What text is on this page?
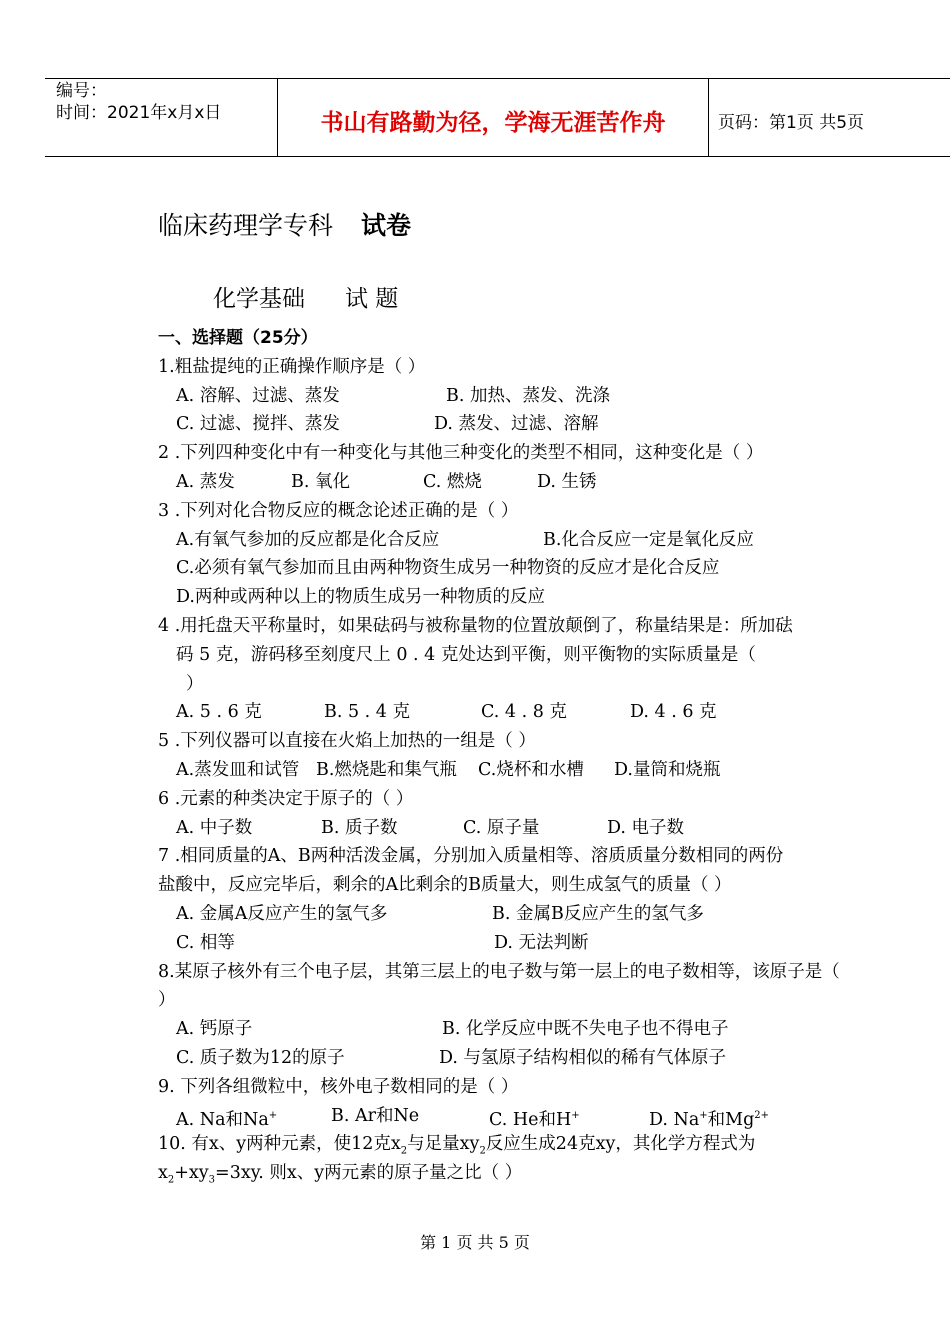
编号：
时间：2021年x月x日	书山有路勤为径，学海无涯苦作舟	页码：第1页 共5页
临床药理学专科 试卷
化学基础 试 题
一、选择题（25分）
1.粗盐提纯的正确操作顺序是（ ）
A. 溶解、过滤、蒸发	B. 加热、蒸发、洗涤
C. 过滤、搅拌、蒸发	D. 蒸发、过滤、溶解
2 .下列四种变化中有一种变化与其他三种变化的类型不相同，这种变化是（ ）
A. 蒸发	B. 氧化	C. 燃烧	D. 生锈
3 .下列对化合物反应的概念论述正确的是（ ）
A.有氧气参加的反应都是化合反应	B.化合反应一定是氧化反应
C.必须有氧气参加而且由两种物资生成另一种物资的反应才是化合反应
D.两种或两种以上的物质生成另一种物质的反应
4 .用托盘天平称量时，如果砝码与被称量物的位置放颠倒了，称量结果是：所加砝
码 5 克，游码移至刻度尺上 0 . 4 克处达到平衡，则平衡物的实际质量是（
）
A. 5 . 6 克	B. 5 . 4 克	C. 4 . 8 克	D. 4 . 6 克
5 .下列仪器可以直接在火焰上加热的一组是（ ）
A.蒸发皿和试管 B.燃烧匙和集气瓶	C.烧杯和水槽	D.量筒和烧瓶
6 .元素的种类决定于原子的（ ）
A. 中子数	B. 质子数	C. 原子量	D. 电子数
7 .相同质量的A、B两种活泼金属，分别加入质量相等、溶质质量分数相同的两份
盐酸中，反应完毕后，剩余的A比剩余的B质量大，则生成氢气的质量（ ）
A. 金属A反应产生的氢气多	B. 金属B反应产生的氢气多
C. 相等	D. 无法判断
8.某原子核外有三个电子层，其第三层上的电子数与第一层上的电子数相等，该原子是（
）
A. 钙原子	B. 化学反应中既不失电子也不得电子
C. 质子数为12的原子	D. 与氢原子结构相似的稀有气体原子
9. 下列各组微粒中，核外电子数相同的是（ ）
A. Na和Na+	B. Ar和Ne	C. He和H+	D. Na+和$Mg^{2+}$
10. 有x、y两种元素，使12克$x_2$与足量$xy_2$反应生成24克xy，其化学方程式为
$x_2+xy_3=3xy$. 则x、y两元素的原子量之比（ ）
第 1 页 共 5 页
